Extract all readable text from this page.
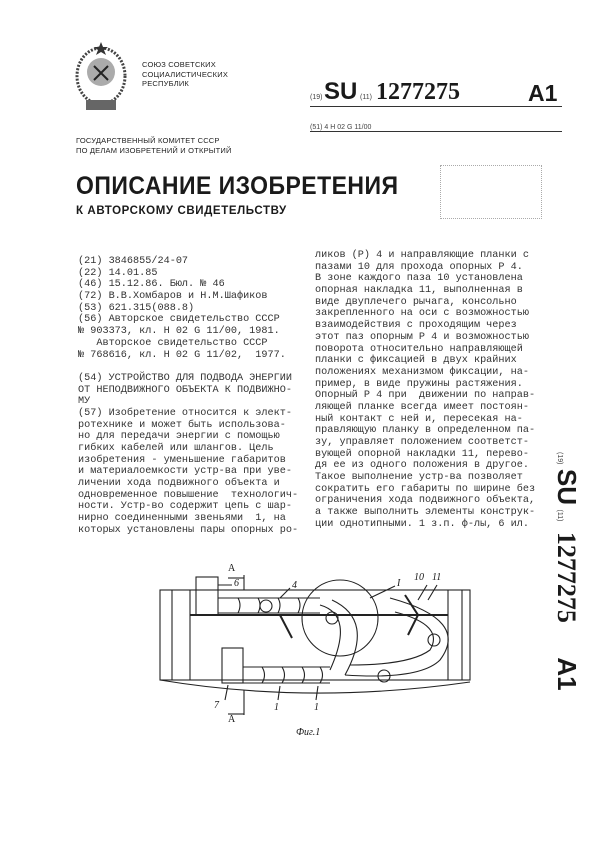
СОЮЗ СОВЕТСКИХ
СОЦИАЛИСТИЧЕСКИХ
РЕСПУБЛИК
(19) SU (11) 1277275	A1
(51) 4 Н 02 G 11/00
ГОСУДАРСТВЕННЫЙ КОМИТЕТ СССР
ПО ДЕЛАМ ИЗОБРЕТЕНИЙ И ОТКРЫТИЙ
ОПИСАНИЕ ИЗОБРЕТЕНИЯ
К АВТОРСКОМУ СВИДЕТЕЛЬСТВУ
(21) 3846855/24-07
(22) 14.01.85
(46) 15.12.86. Бюл. № 46
(72) В.В.Хомбаров и Н.М.Шафиков
(53) 621.315(088.8)
(56) Авторское свидетельство СССР
№ 903373, кл. Н 02 G 11/00, 1981.
Авторское свидетельство СССР
№ 768616, кл. Н 02 G 11/02,  1977.
(54) УСТРОЙСТВО ДЛЯ ПОДВОДА ЭНЕРГИИ
ОТ НЕПОДВИЖНОГО ОБЪЕКТА К ПОДВИЖНО-
МУ
(57) Изобретение относится к элект-
ротехнике и может быть использова-
но для передачи энергии с помощью
гибких кабелей или шлангов. Цель
изобретения - уменьшение габаритов
и материалоемкости устр-ва при уве-
личении хода подвижного объекта и
одновременное повышение  технологич-
ности. Устр-во содержит цепь с шар-
нирно соединенными звеньями  1, на
которых установлены пары опорных ро-
ликов (Р) 4 и направляющие планки с
пазами 10 для прохода опорных Р 4.
В зоне каждого паза 10 установлена
опорная накладка 11, выполненная в
виде двуплечего рычага, консольно
закрепленного на оси с возможностью
взаимодействия с проходящим через
этот паз опорным Р 4 и возможностью
поворота относительно направляющей
планки с фиксацией в двух крайних
положениях механизмом фиксации, на-
пример, в виде пружины растяжения.
Опорный Р 4 при  движении по направ-
ляющей планке всегда имеет постоян-
ный контакт с ней и, пересекая на-
правляющую планку в определенном па-
зу, управляет положением соответст-
вующей опорной накладки 11, перево-
дя ее из одного положения в другое.
Такое выполнение устр-ва позволяет
сократить его габариты по ширине без
ограничения хода подвижного объекта,
а также выполнить элементы конструк-
ции однотипными. 1 з.п. ф-лы, 6 ил.
(19) SU (11) 1277275 A1
6	4	I
10 11
7	1	1
А
А
Фиг.1
